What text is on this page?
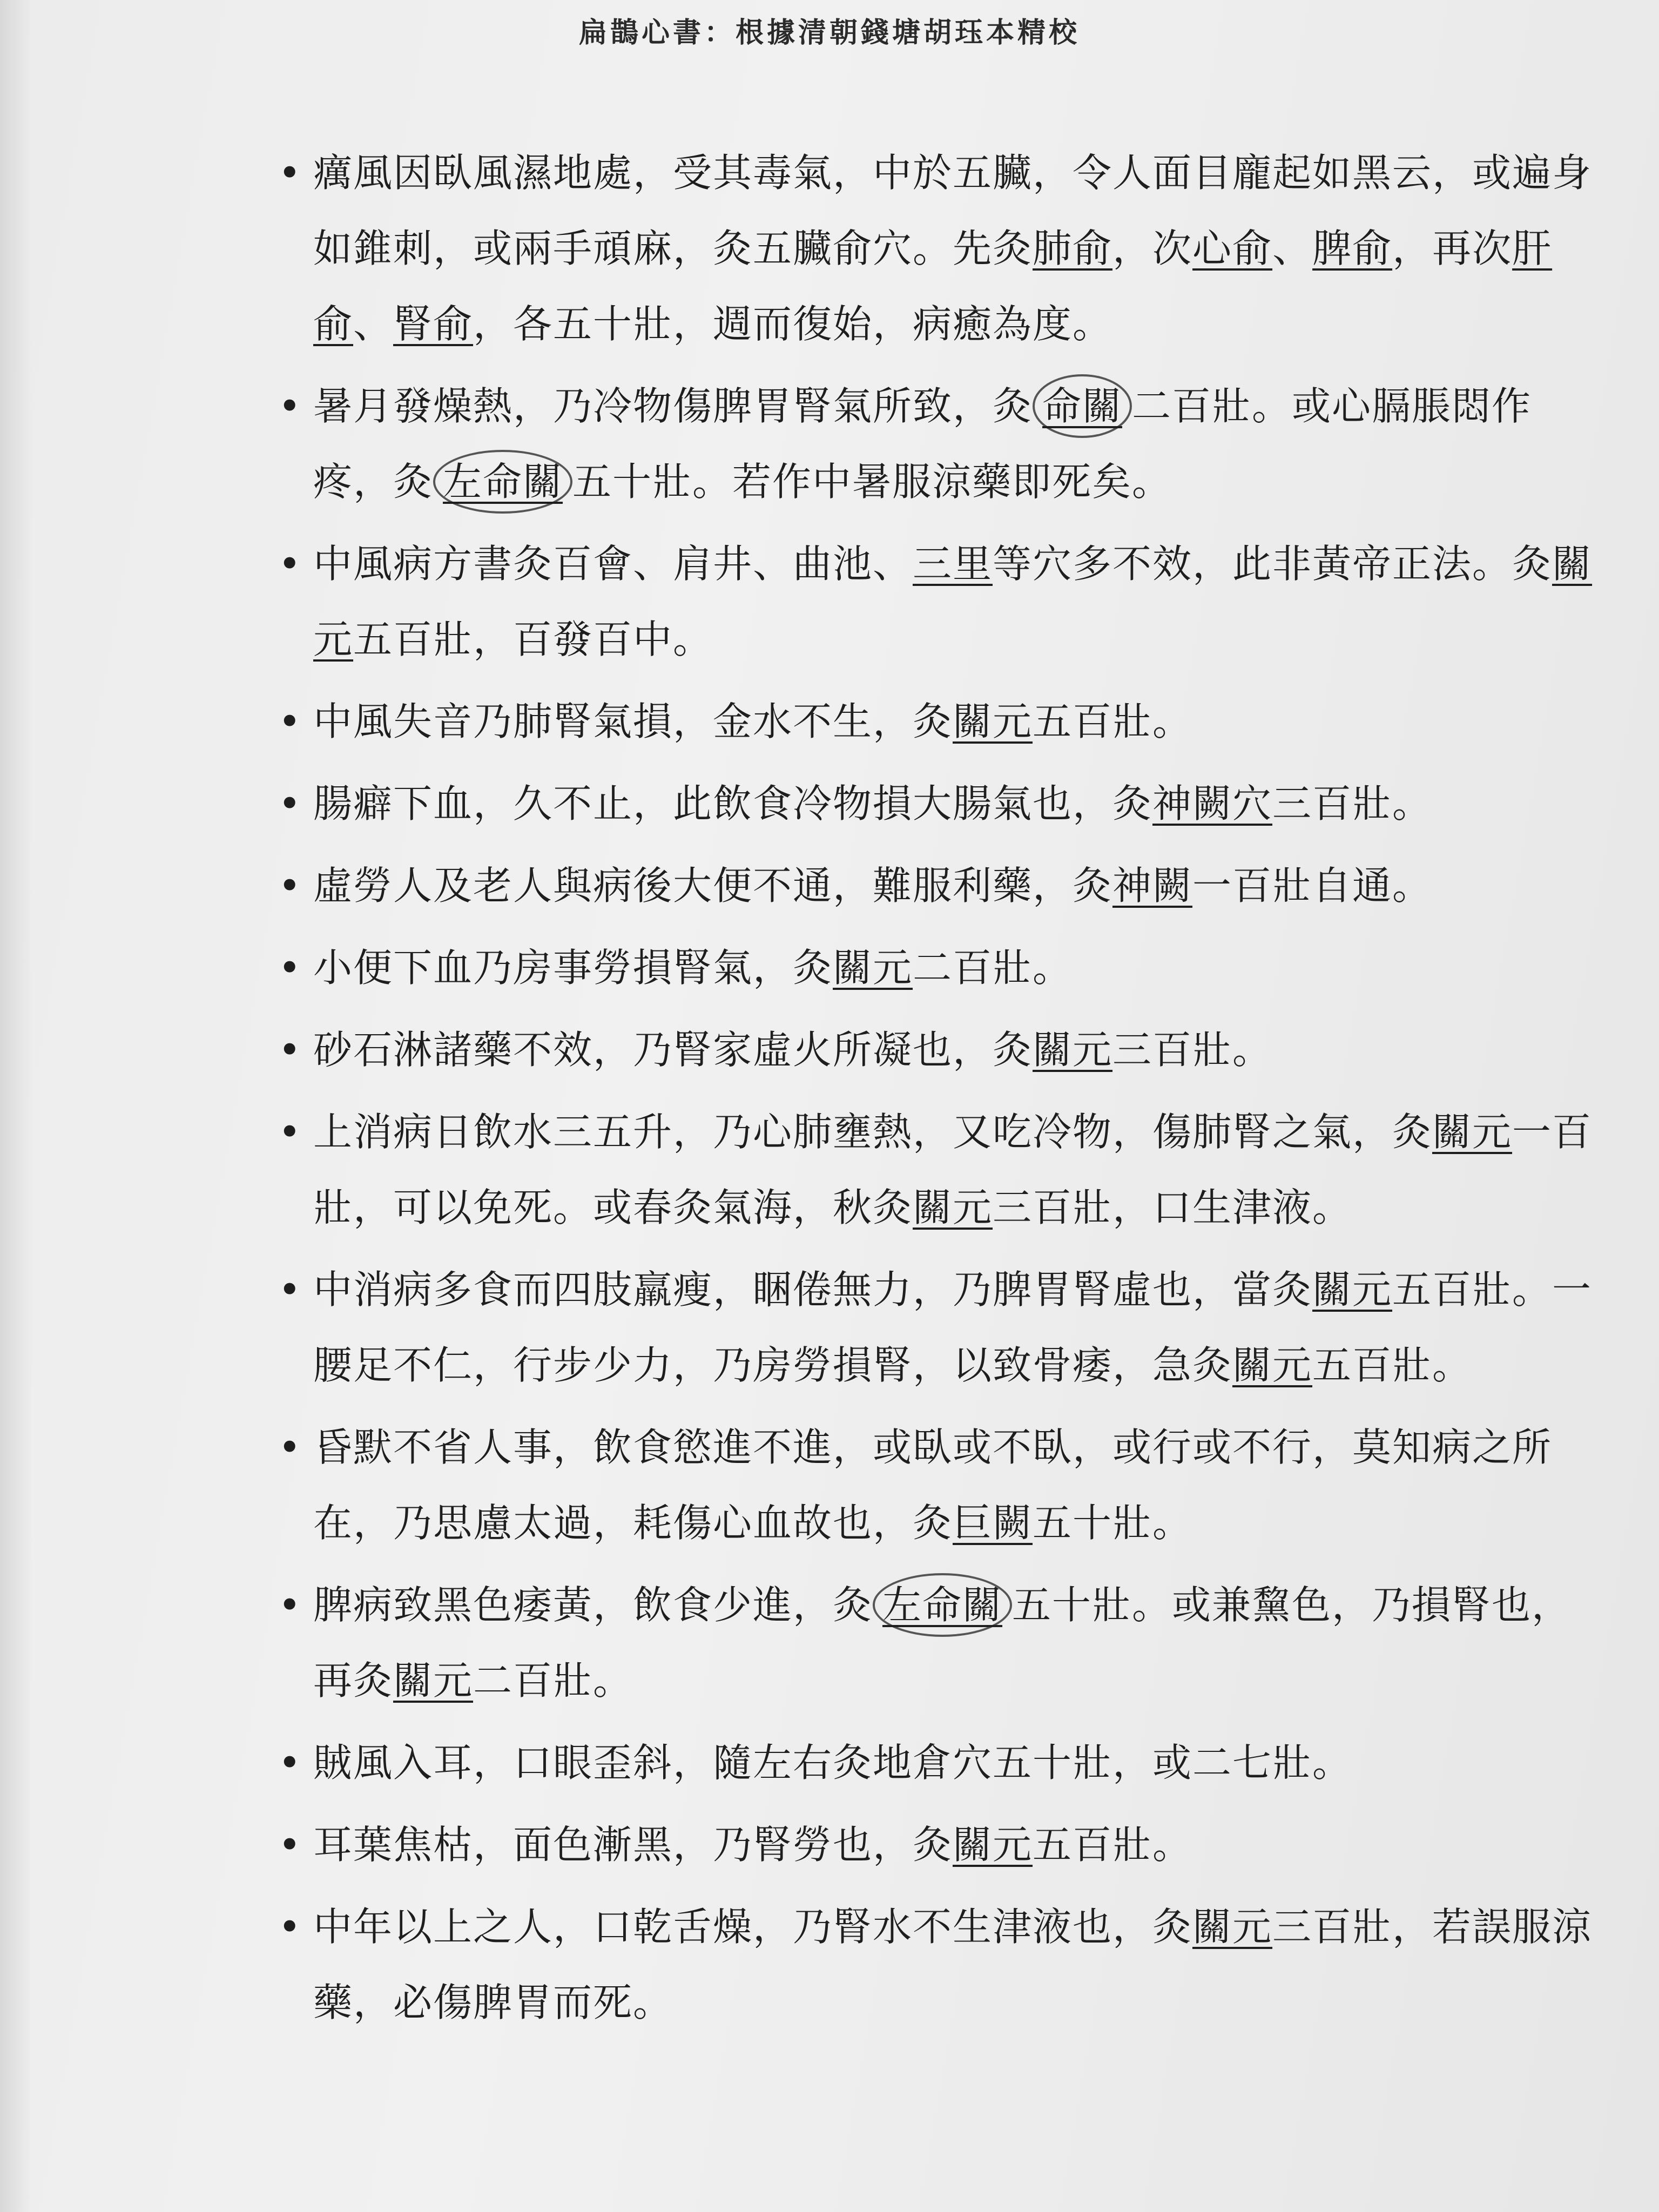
扁鵲心書：根據清朝錢塘胡珏本精校
• 癘風因臥風濕地處，受其毒氣，中於五臟，令人面目龐起如黑云，或遍身如錐刺，或兩手頑麻，灸五臟俞穴。先灸肺俞，次心俞、脾俞，再次肝俞、腎俞，各五十壯，週而復始，病癒為度。
• 暑月發燥熱，乃冷物傷脾胃腎氣所致，灸 命關 二百壯。或心膈脹悶作疼，灸 左命關 五十壯。若作中暑服涼藥即死矣。
• 中風病方書灸百會、肩井、曲池、三里等穴多不效，此非黃帝正法。灸關元五百壯，百發百中。
• 中風失音乃肺腎氣損，金水不生，灸關元五百壯。
• 腸癖下血，久不止，此飲食冷物損大腸氣也，灸神闕穴三百壯。
• 虛勞人及老人與病後大便不通，難服利藥，灸神闕一百壯自通。
• 小便下血乃房事勞損腎氣，灸關元二百壯。
• 砂石淋諸藥不效，乃腎家虛火所凝也，灸關元三百壯。
• 上消病日飲水三五升，乃心肺壅熱，又吃冷物，傷肺腎之氣，灸關元一百壯，可以免死。或春灸氣海，秋灸關元三百壯，口生津液。
• 中消病多食而四肢羸瘦，睏倦無力，乃脾胃腎虛也，當灸關元五百壯。一腰足不仁，行步少力，乃房勞損腎，以致骨痿，急灸關元五百壯。
• 昏默不省人事，飲食慾進不進，或臥或不臥，或行或不行，莫知病之所在，乃思慮太過，耗傷心血故也，灸巨闕五十壯。
• 脾病致黑色痿黃，飲食少進，灸 左命關 五十壯。或兼黧色，乃損腎也，再灸關元二百壯。
• 賊風入耳，口眼歪斜，隨左右灸地倉穴五十壯，或二七壯。
• 耳葉焦枯，面色漸黑，乃腎勞也，灸關元五百壯。
• 中年以上之人，口乾舌燥，乃腎水不生津液也，灸關元三百壯，若誤服涼藥，必傷脾胃而死。
